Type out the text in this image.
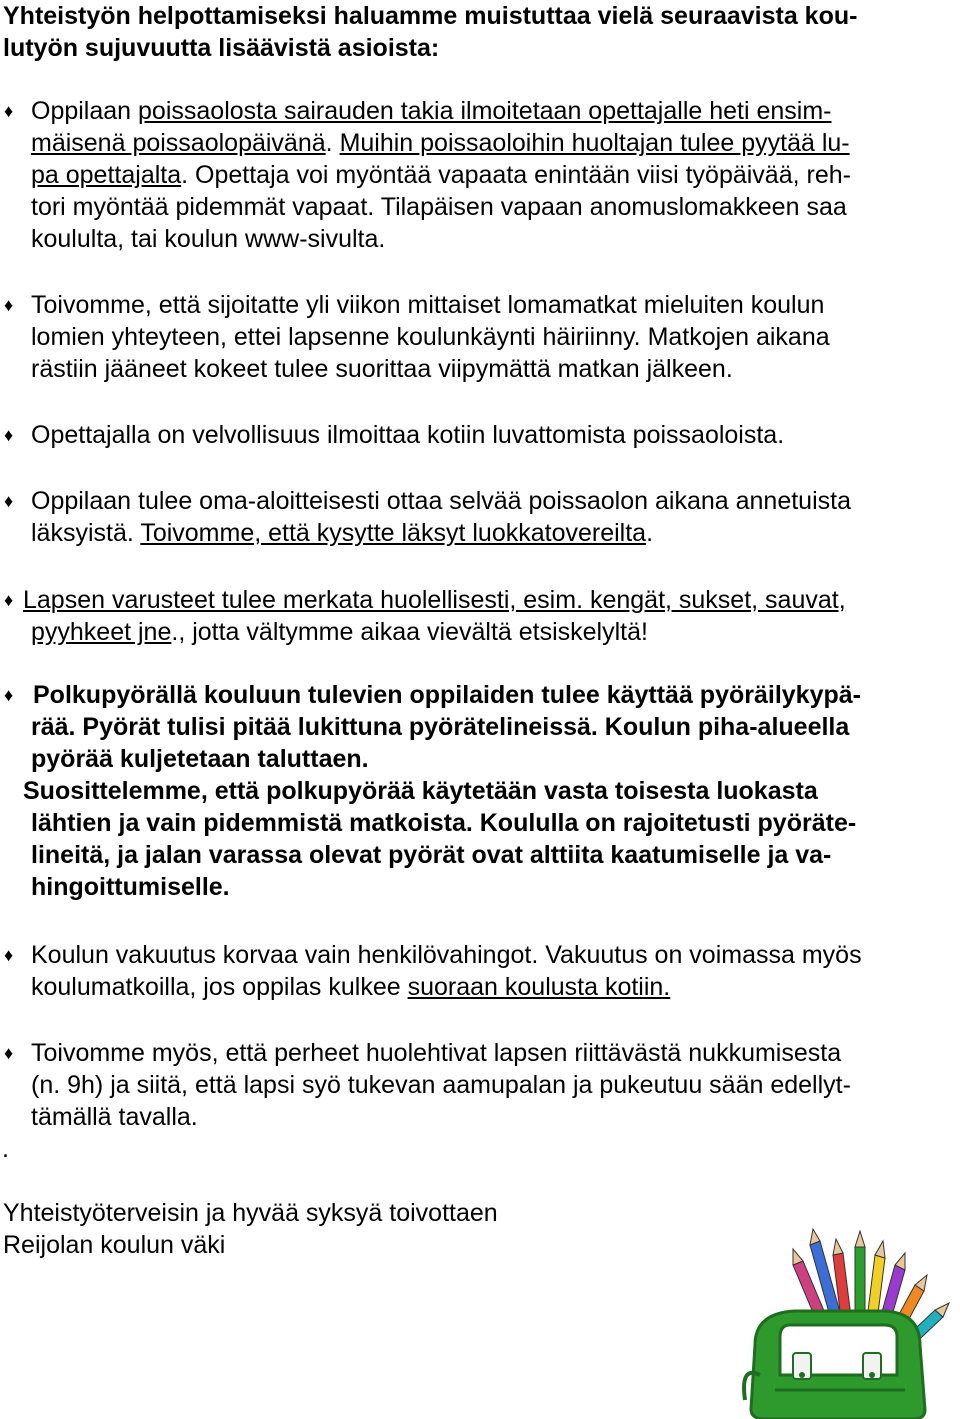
Yhteistyön helpottamiseksi haluamme muistuttaa vielä seuraavista kou-
lutyön sujuvuutta lisäävistä asioista:
♦ Oppilaan poissaolosta sairauden takia ilmoitetaan opettajalle heti ensim-
mäisenä poissaolopäivänä. Muihin poissaoloihin huoltajan tulee pyytää lu-
pa opettajalta. Opettaja voi myöntää vapaata enintään viisi työpäivää, reh-
tori myöntää pidemmät vapaat. Tilapäisen vapaan anomuslomakkeen saa
koululta, tai koulun www-sivulta.
♦ Toivomme, että sijoitatte yli viikon mittaiset lomamatkat mieluiten koulun
lomien yhteyteen, ettei lapsenne koulunkäynti häiriinny. Matkojen aikana
rästiin jääneet kokeet tulee suorittaa viipymättä matkan jälkeen.
♦ Opettajalla on velvollisuus ilmoittaa kotiin luvattomista poissaoloista.
♦ Oppilaan tulee oma-aloitteisesti ottaa selvää poissaolon aikana annetuista
läksyistä. Toivomme, että kysytte läksyt luokkatovereilta.
♦ Lapsen varusteet tulee merkata huolellisesti, esim. kengät, sukset, sauvat,
pyyhkeet jne., jotta vältymme aikaa vievältä etsiskelyltä!
♦ Polkupyörällä kouluun tulevien oppilaiden tulee käyttää pyöräilykypä-
rää. Pyörät tulisi pitää lukittuna pyörätelineissä. Koulun piha-alueella
pyörää kuljetetaan taluttaen.
Suosittelemme, että polkupyörää käytetään vasta toisesta luokasta
lähtien ja vain pidemmistä matkoista. Koululla on rajoitetusti pyöräte-
lineitä, ja jalan varassa olevat pyörät ovat alttiita kaatumiselle ja va-
hingoittumiselle.
♦ Koulun vakuutus korvaa vain henkilövahingot. Vakuutus on voimassa myös
koulumatkoilla, jos oppilas kulkee suoraan koulusta kotiin.
♦ Toivomme myös, että perheet huolehtivat lapsen riittävästä nukkumisesta
(n. 9h) ja siitä, että lapsi syö tukevan aamupalan ja pukeutuu sään edellyt-
tämällä tavalla.
.
Yhteistyöterveisin ja hyvää syksyä toivottaen
Reijolan koulun väki
